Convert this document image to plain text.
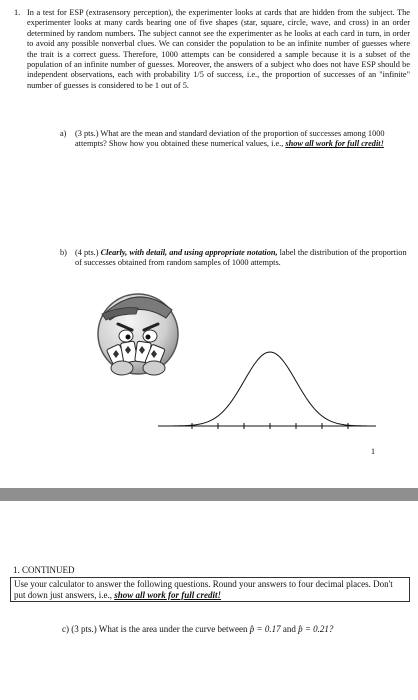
1. In a test for ESP (extrasensory perception), the experimenter looks at cards that are hidden from the subject. The experimenter looks at many cards bearing one of five shapes (star, square, circle, wave, and cross) in an order determined by random numbers. The subject cannot see the experimenter as he looks at each card in turn, in order to avoid any possible nonverbal clues. We can consider the population to be an infinite number of guesses where the trait is a correct guess. Therefore, 1000 attempts can be considered a sample because it is a subset of the population of an infinite number of guesses. Moreover, the answers of a subject who does not have ESP should be independent observations, each with probability 1/5 of success, i.e., the proportion of successes of an "infinite" number of guesses is considered to be 1 out of 5.
a) (3 pts.) What are the mean and standard deviation of the proportion of successes among 1000 attempts? Show how you obtained these numerical values, i.e., show all work for full credit!
b) (4 pts.) Clearly, with detail, and using appropriate notation, label the distribution of the proportion of successes obtained from random samples of 1000 attempts.
1
1. CONTINUED
Use your calculator to answer the following questions. Round your answers to four decimal places. Don't put down just answers, i.e., show all work for full credit!
c) (3 pts.) What is the area under the curve between p̂ = 0.17 and p̂ = 0.21?
